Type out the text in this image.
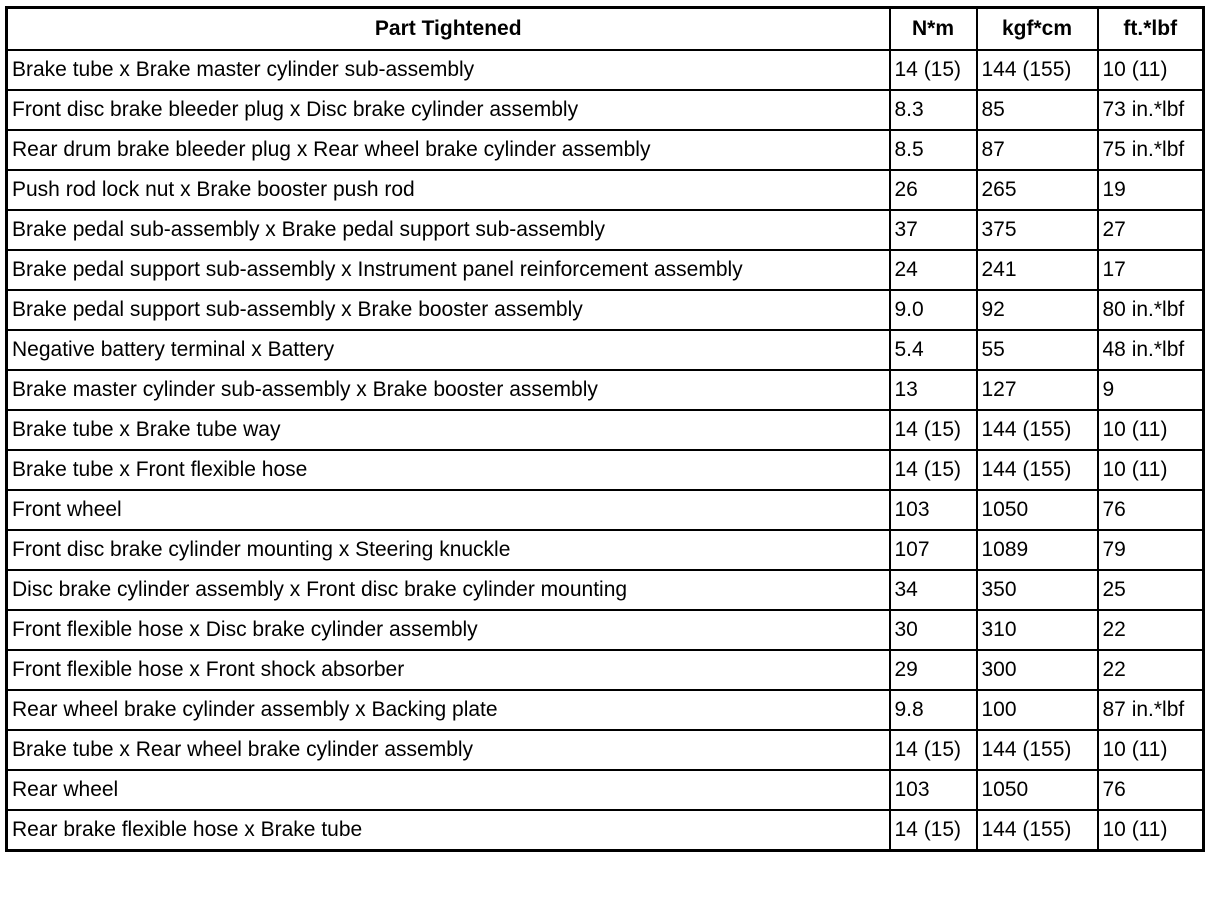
Part Tightened	N*m	kgf*cm	ft.*lbf
Brake tube x Brake master cylinder sub-assembly	14 (15)	144 (155)	10 (11)
Front disc brake bleeder plug x Disc brake cylinder assembly	8.3	85	73 in.*lbf
Rear drum brake bleeder plug x Rear wheel brake cylinder assembly	8.5	87	75 in.*lbf
Push rod lock nut x Brake booster push rod	26	265	19
Brake pedal sub-assembly x Brake pedal support sub-assembly	37	375	27
Brake pedal support sub-assembly x Instrument panel reinforcement assembly	24	241	17
Brake pedal support sub-assembly x Brake booster assembly	9.0	92	80 in.*lbf
Negative battery terminal x Battery	5.4	55	48 in.*lbf
Brake master cylinder sub-assembly x Brake booster assembly	13	127	9
Brake tube x Brake tube way	14 (15)	144 (155)	10 (11)
Brake tube x Front flexible hose	14 (15)	144 (155)	10 (11)
Front wheel	103	1050	76
Front disc brake cylinder mounting x Steering knuckle	107	1089	79
Disc brake cylinder assembly x Front disc brake cylinder mounting	34	350	25
Front flexible hose x Disc brake cylinder assembly	30	310	22
Front flexible hose x Front shock absorber	29	300	22
Rear wheel brake cylinder assembly x Backing plate	9.8	100	87 in.*lbf
Brake tube x Rear wheel brake cylinder assembly	14 (15)	144 (155)	10 (11)
Rear wheel	103	1050	76
Rear brake flexible hose x Brake tube	14 (15)	144 (155)	10 (11)
